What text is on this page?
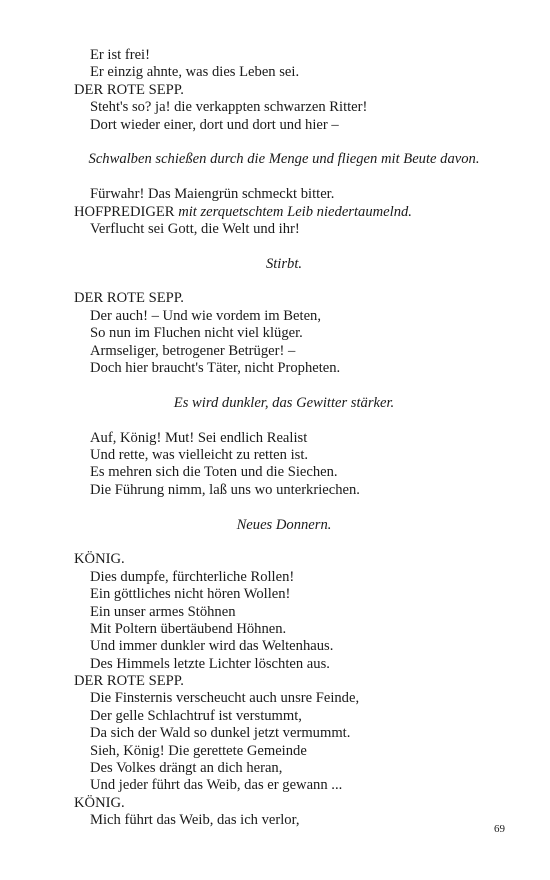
Er ist frei!
Er einzig ahnte, was dies Leben sei.
DER ROTE SEPP.
Steht's so? ja! die verkappten schwarzen Ritter!
Dort wieder einer, dort und dort und hier –
Schwalben schießen durch die Menge und fliegen mit Beute davon.
Fürwahr! Das Maiengrün schmeckt bitter.
HOFPREDIGER mit zerquetschtem Leib niedertaumelnd.
Verflucht sei Gott, die Welt und ihr!
Stirbt.
DER ROTE SEPP.
Der auch! – Und wie vordem im Beten,
So nun im Fluchen nicht viel klüger.
Armseliger, betrogener Betrüger! –
Doch hier braucht's Täter, nicht Propheten.
Es wird dunkler, das Gewitter stärker.
Auf, König! Mut! Sei endlich Realist
Und rette, was vielleicht zu retten ist.
Es mehren sich die Toten und die Siechen.
Die Führung nimm, laß uns wo unterkriechen.
Neues Donnern.
KÖNIG.
Dies dumpfe, fürchterliche Rollen!
Ein göttliches nicht hören Wollen!
Ein unser armes Stöhnen
Mit Poltern übertäubend Höhnen.
Und immer dunkler wird das Weltenhaus.
Des Himmels letzte Lichter löschten aus.
DER ROTE SEPP.
Die Finsternis verscheucht auch unsre Feinde,
Der gelle Schlachtruf ist verstummt,
Da sich der Wald so dunkel jetzt vermummt.
Sieh, König! Die gerettete Gemeinde
Des Volkes drängt an dich heran,
Und jeder führt das Weib, das er gewann ...
KÖNIG.
Mich führt das Weib, das ich verlor,
69
